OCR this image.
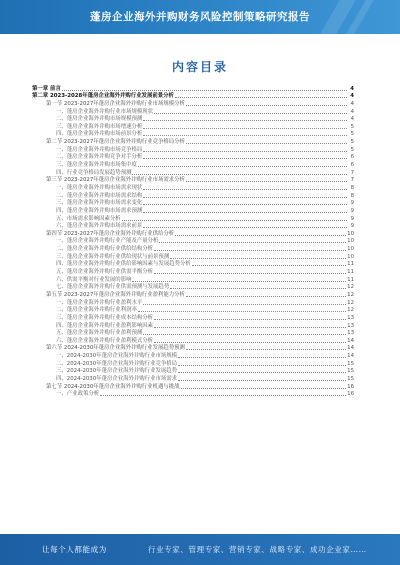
蓬房企业海外并购财务风险控制策略研究报告
内容目录
第一章 前言	4
第二章 2023-2028年蓬房企业海外并购行业发展前景分析	4
第一节 2023-2027年蓬房企业海外并购行业市场规模分析	4
一、蓬房企业海外并购行业市场规模现状	4
二、蓬房企业海外并购市场规模预测	4
三、蓬房企业海外并购市场增速分析	5
四、蓬房企业海外并购市场前景分析	5
第二节 2023-2027年蓬房企业海外并购行业竞争格局分析	5
一、蓬房企业海外并购市场竞争格局	5
二、蓬房企业海外并购竞争对手分析	6
三、蓬房企业海外并购市场集中度	6
四、行业竞争格局发展趋势预测	7
第三节 2023-2027年蓬房企业海外并购行业市场需求分析	7
一、蓬房企业海外并购市场需求现状	8
二、蓬房企业海外并购市场需求结构	8
三、蓬房企业海外并购市场需求变化	9
四、蓬房企业海外并购市场需求预测	9
五、市场需求影响因素分析	9
六、蓬房企业海外并购市场需求前景	9
第四节 2023-2027年蓬房企业海外并购行业供给分析	10
一、蓬房企业海外并购行业产能及产量分析	10
二、蓬房企业海外并购行业供给结构分析	10
三、蓬房企业海外并购行业供给现状与前景预测	10
四、蓬房企业海外并购行业供给影响因素与发展趋势分析	11
五、蓬房企业海外并购行业供需平衡分析	11
六、供需平衡对行业发展的影响	11
七、蓬房企业海外并购行业供需预测与发展趋势	12
第五节 2023-2027年蓬房企业海外并购行业盈利能力分析	12
一、蓬房企业海外并购行业盈利水平	12
二、蓬房企业海外并购行业利润率	12
三、蓬房企业海外并购行业成本结构分析	13
四、蓬房企业海外并购行业盈利影响因素	13
五、蓬房企业海外并购行业盈利预测	13
六、蓬房企业海外并购行业盈利模式分析	14
第六节 2024-2030年蓬房企业海外并购行业发展趋势预测	14
一、2024-2030年蓬房企业海外并购行业市场规模	14
二、2024-2030年蓬房企业海外并购行业竞争格局	15
三、2024-2030年蓬房企业海外并购行业发展趋势	15
四、2024-2030年蓬房企业海外并购行业市场需求	15
第七节 2024-2030年蓬房企业海外并购行业机遇与挑战	16
一、产业政策分析	16
让每个人都能成为	行业专家、管理专家、营销专家、战略专家、成功企业家……
